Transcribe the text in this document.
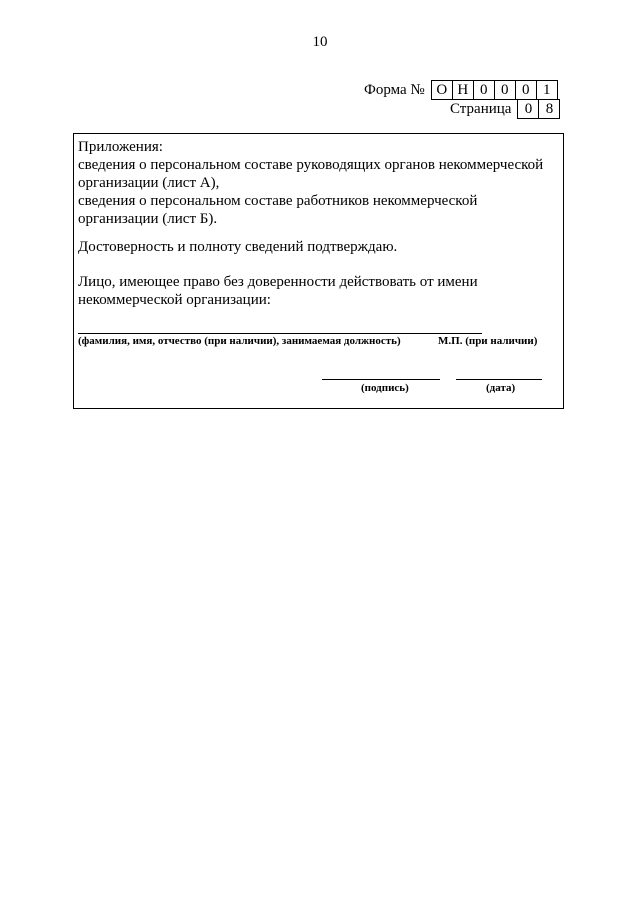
10
Форма № О Н 0 0 0 1
Страница 0 8
Приложения:
сведения о персональном составе руководящих органов некоммерческой
организации (лист А),
сведения о персональном составе работников некоммерческой
организации (лист Б).
Достоверность и полноту сведений подтверждаю.
Лицо, имеющее право без доверенности действовать от имени
некоммерческой организации:
(фамилия, имя, отчество (при наличии), занимаемая должность)	М.П. (при наличии)
(подпись)	(дата)
